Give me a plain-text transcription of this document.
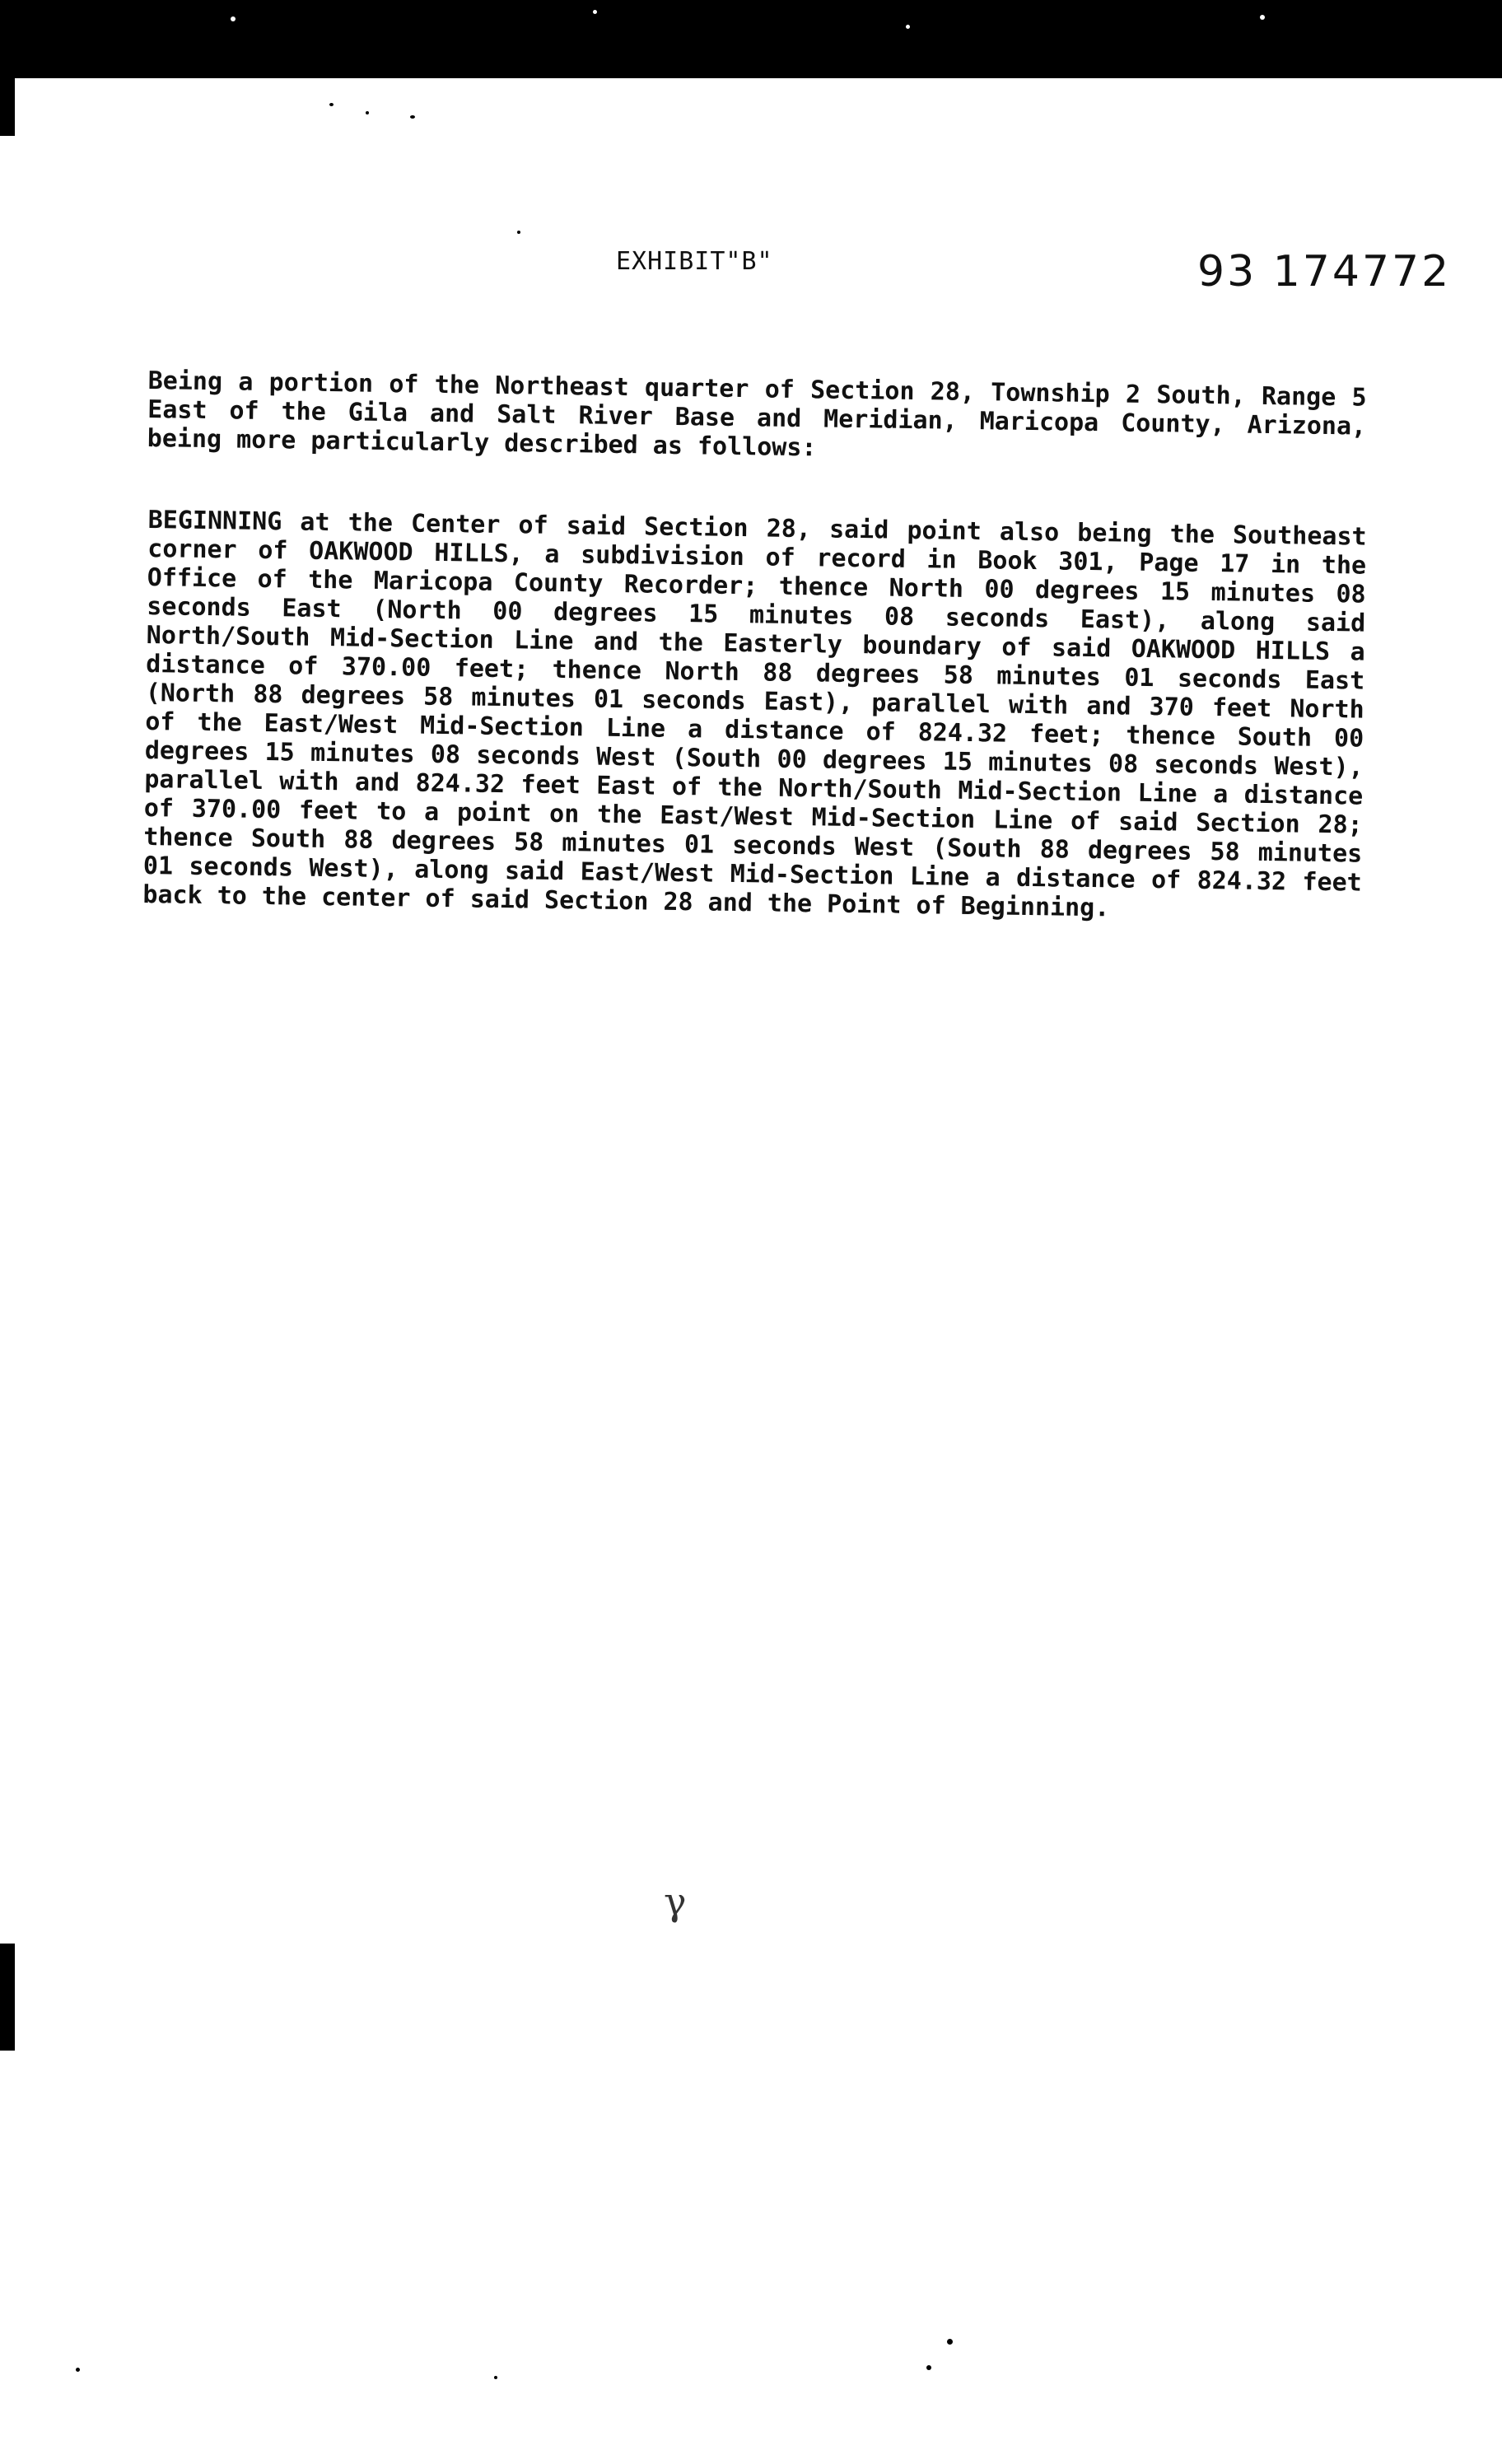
EXHIBIT"B"	93 174772

Being a portion of the Northeast quarter of Section 28, Township 2 South, Range 5 East of the Gila and Salt River Base and Meridian, Maricopa County, Arizona, being more particularly described as follows:

BEGINNING at the Center of said Section 28, said point also being the Southeast corner of OAKWOOD HILLS, a subdivision of record in Book 301, Page 17 in the Office of the Maricopa County Recorder; thence North 00 degrees 15 minutes 08 seconds East (North 00 degrees 15 minutes 08 seconds East), along said North/South Mid-Section Line and the Easterly boundary of said OAKWOOD HILLS a distance of 370.00 feet; thence North 88 degrees 58 minutes 01 seconds East (North 88 degrees 58 minutes 01 seconds East), parallel with and 370 feet North of the East/West Mid-Section Line a distance of 824.32 feet; thence South 00 degrees 15 minutes 08 seconds West (South 00 degrees 15 minutes 08 seconds West), parallel with and 824.32 feet East of the North/South Mid-Section Line a distance of 370.00 feet to a point on the East/West Mid-Section Line of said Section 28; thence South 88 degrees 58 minutes 01 seconds West (South 88 degrees 58 minutes 01 seconds West), along said East/West Mid-Section Line a distance of 824.32 feet back to the center of said Section 28 and the Point of Beginning.

γ
